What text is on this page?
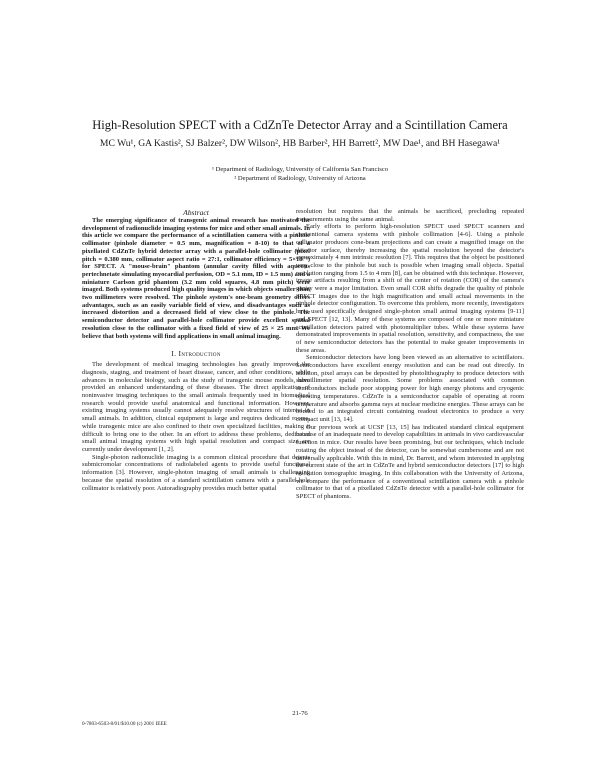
High-Resolution SPECT with a CdZnTe Detector Array and a Scintillation Camera
MC Wu¹, GA Kastis², SJ Balzer², DW Wilson², HB Barber², HH Barrett², MW Dae¹, and BH Hasegawa¹
¹ Department of Radiology, University of California San Francisco
² Department of Radiology, University of Arizona
Abstract

The emerging significance of transgenic animal research has motivated the development of radionuclide imaging systems for mice and other small animals. In this article we compare the performance of a scintillation camera with a pinhole collimator (pinhole diameter = 0.5 mm, magnification = 8-10) to that of a pixellated CdZnTe hybrid detector array with a parallel-hole collimator (pixel pitch = 0.380 mm, collimator aspect ratio = 27:1, collimator efficiency = 5×10⁻⁵) for SPECT. A "mouse-brain" phantom (annular cavity filled with aqueous pertechnetate simulating myocardial perfusion, OD = 5.1 mm, ID = 1.5 mm) and a miniature Carlson grid phantom (3.2 mm cold squares, 4.8 mm pitch) were imaged. Both systems produced high quality images in which objects smaller than two millimeters were resolved. The pinhole system's one-beam geometry offers advantages, such as an easily variable field of view, and disadvantages such as increased distortion and a decreased field of view close to the pinhole. The semiconductor detector and parallel-hole collimator provide excellent spatial resolution close to the collimator with a fixed field of view of 25 × 25 mm. We believe that both systems will find applications in small animal imaging.

I. Introduction

The development of medical imaging technologies has greatly improved the diagnosis, staging, and treatment of heart disease, cancer, and other conditions, while advances in molecular biology, such as the study of transgenic mouse models, have provided an enhanced understanding of these diseases. The direct application of noninvasive imaging techniques to the small animals frequently used in biomedical research would provide useful anatomical and functional information. However, existing imaging systems usually cannot adequately resolve structures of interest in small animals. In addition, clinical equipment is large and requires dedicated rooms, while transgenic mice are also confined to their own specialized facilities, making it difficult to bring one to the other. In an effort to address these problems, dedicated small animal imaging systems with high spatial resolution and compact size are currently under development [1, 2].

Single-photon radionuclide imaging is a common clinical procedure that detects submicromolar concentrations of radiolabeled agents to provide useful functional information [3]. However, single-photon imaging of small animals is challenging because the spatial resolution of a standard scintillation camera with a parallel-hole collimator is relatively poor. Autoradiography provides much better spatial

resolution but requires that the animals be sacrificed, precluding repeated measurements using the same animal.

Early efforts to perform high-resolution SPECT used SPECT scanners and conventional camera systems with pinhole collimation [4-6]. Using a pinhole collimator produces cone-beam projections and can create a magnified image on the detector surface, thereby increasing the spatial resolution beyond the detector's approximately 4 mm intrinsic resolution [7]. This requires that the object be positioned very close to the pinhole but such is possible when imaging small objects. Spatial resolution ranging from 1.5 to 4 mm [8], can be obtained with this technique. However, image artifacts resulting from a shift of the center of rotation (COR) of the camera's gantry were a major limitation. Even small COR shifts degrade the quality of pinhole SPECT images due to the high magnification and small actual movements in the pinhole detector configuration. To overcome this problem, more recently, investigators have used specifically designed single-photon small animal imaging systems [9-11] and SPECT [12, 13]. Many of these systems are composed of one or more miniature scintillation detectors paired with photomultiplier tubes. While these systems have demonstrated improvements in spatial resolution, sensitivity, and compactness, the use of new semiconductor detectors has the potential to make greater improvements in these areas.

Semiconductor detectors have long been viewed as an alternative to scintillators. Semiconductors have excellent energy resolution and can be read out directly. In addition, pixel arrays can be deposited by photolithography to produce detectors with submillimeter spatial resolution. Some problems associated with common semiconductors include poor stopping power for high energy photons and cryogenic operating temperatures. CdZnTe is a semiconductor capable of operating at room temperature and absorbs gamma rays at nuclear medicine energies. These arrays can be bonded to an integrated circuit containing readout electronics to produce a very compact unit [13, 14].

Our previous work at UCSF [13, 15] has indicated standard clinical equipment because of an inadequate need to develop capabilities in animals in vivo cardiovascular function in mice. Our results have been promising, but our techniques, which include rotating the object instead of the detector, can be somewhat cumbersome and are not universally applicable. With this in mind, Dr. Barrett, and whom interested in applying the current state of the art in CdZnTe and hybrid semiconductor detectors [17] to high resolution tomographic imaging. In this collaboration with the University of Arizona, we compare the performance of a conventional scintillation camera with a pinhole collimator to that of a pixellated CdZnTe detector with a parallel-hole collimator for SPECT of phantoms.

21-76
0-7803-6503-8/01/$10.00 (c) 2001 IEEE
